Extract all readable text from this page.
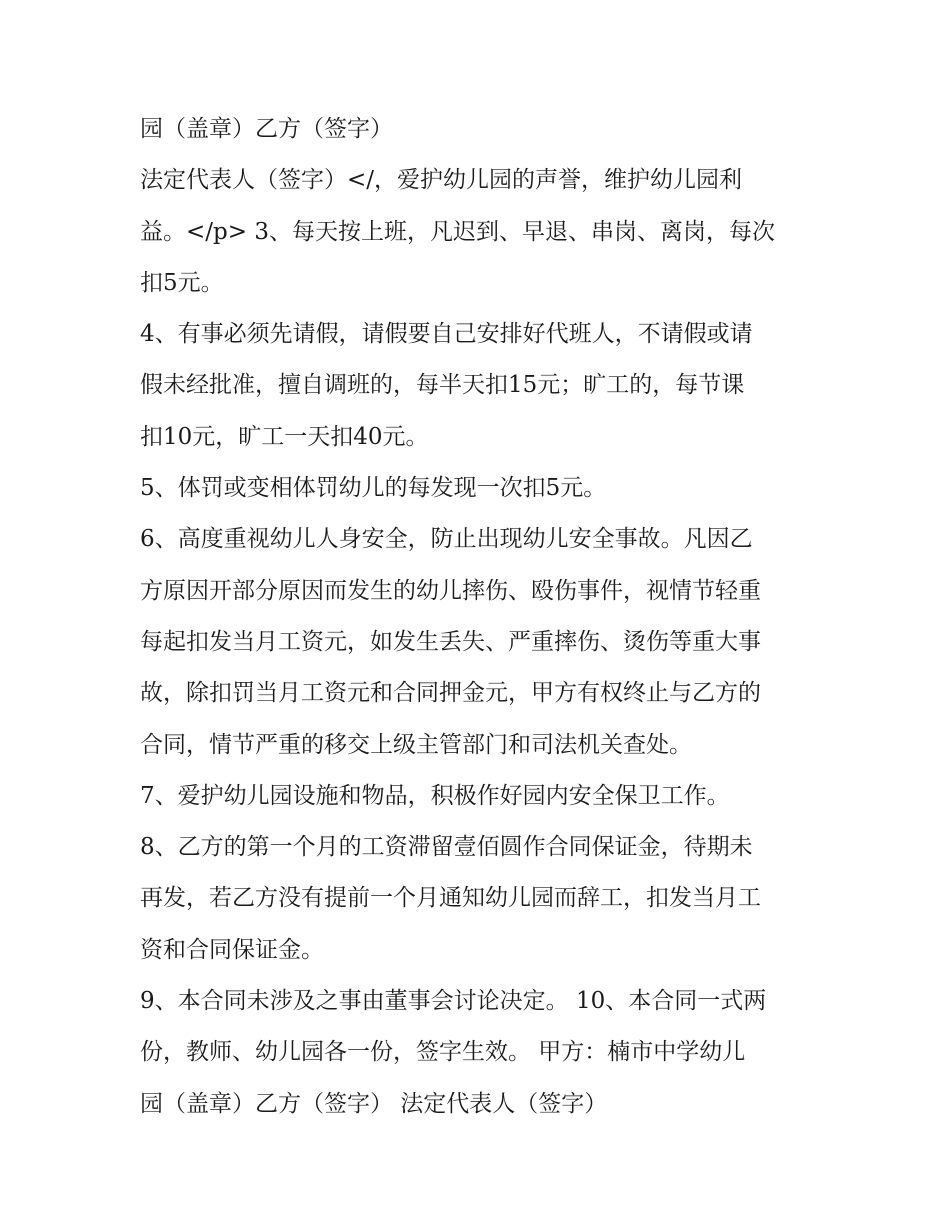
园（盖章）乙方（签字）
法定代表人（签字）</，爱护幼儿园的声誉，维护幼儿园利
益。</p> 3、每天按上班，凡迟到、早退、串岗、离岗，每次
扣5元。
4、有事必须先请假，请假要自己安排好代班人，不请假或请
假未经批准，擅自调班的，每半天扣15元；旷工的，每节课
扣10元，旷工一天扣40元。
5、体罚或变相体罚幼儿的每发现一次扣5元。
6、高度重视幼儿人身安全，防止出现幼儿安全事故。凡因乙
方原因开部分原因而发生的幼儿摔伤、殴伤事件，视情节轻重
每起扣发当月工资元，如发生丢失、严重摔伤、烫伤等重大事
故，除扣罚当月工资元和合同押金元，甲方有权终止与乙方的
合同，情节严重的移交上级主管部门和司法机关查处。
7、爱护幼儿园设施和物品，积极作好园内安全保卫工作。
8、乙方的第一个月的工资滞留壹佰圆作合同保证金，待期未
再发，若乙方没有提前一个月通知幼儿园而辞工，扣发当月工
资和合同保证金。
9、本合同未涉及之事由董事会讨论决定。 10、本合同一式两
份，教师、幼儿园各一份，签字生效。 甲方：楠市中学幼儿
园（盖章）乙方（签字） 法定代表人（签字）
